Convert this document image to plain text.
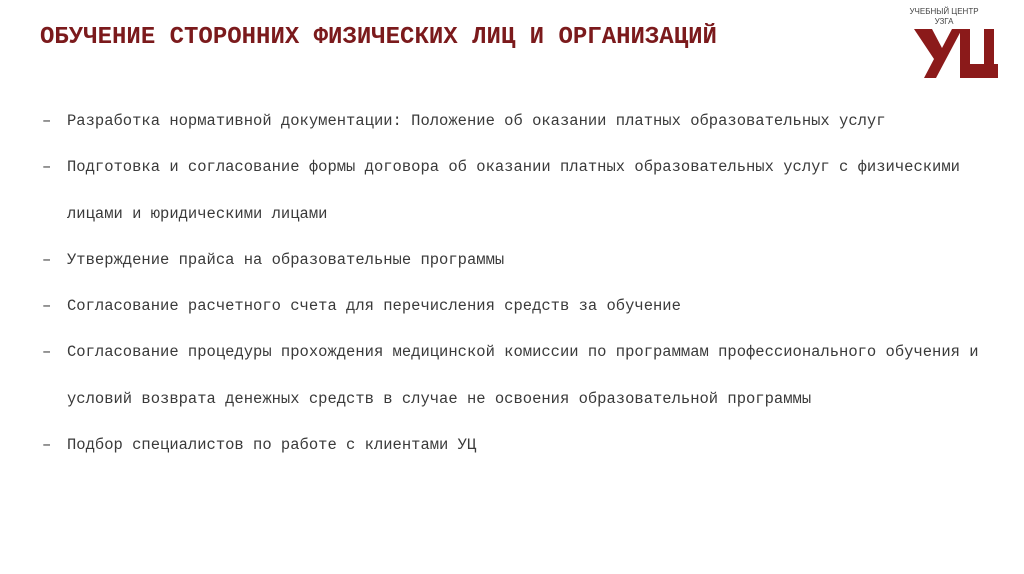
ОБУЧЕНИЕ СТОРОННИХ ФИЗИЧЕСКИХ ЛИЦ И ОРГАНИЗАЦИЙ
УЧЕБНЫЙ ЦЕНТР
УЗГА
– Разработка нормативной документации: Положение об оказании платных образовательных услуг
– Подготовка и согласование формы договора об оказании платных образовательных услуг с физическими лицами и юридическими лицами
– Утверждение прайса на образовательные программы
– Согласование расчетного счета для перечисления средств за обучение
– Согласование процедуры прохождения медицинской комиссии по программам профессионального обучения и условий возврата денежных средств в случае не освоения образовательной программы
– Подбор специалистов по работе с клиентами УЦ
